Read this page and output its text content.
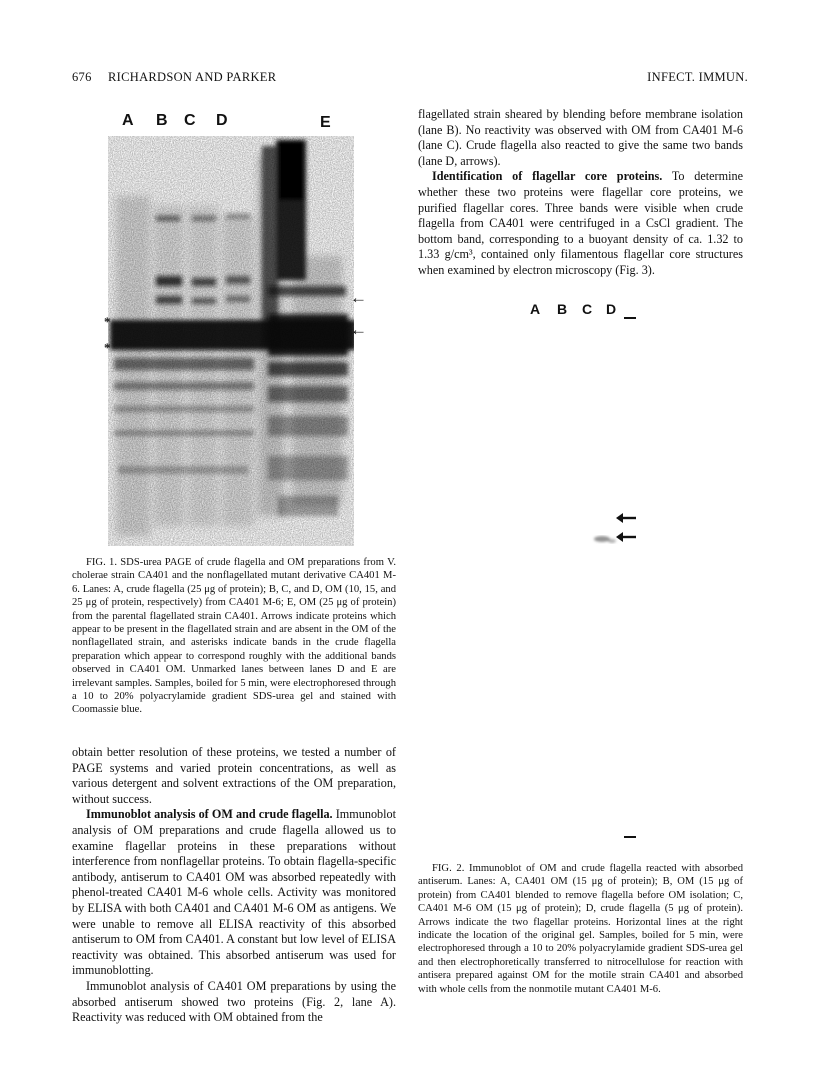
676 RICHARDSON AND PARKER	INFECT. IMMUN.
A B C D	E
*
*
←
←
FIG. 1. SDS-urea PAGE of crude flagella and OM preparations from V. cholerae strain CA401 and the nonflagellated mutant derivative CA401 M-6. Lanes: A, crude flagella (25 μg of protein); B, C, and D, OM (10, 15, and 25 μg of protein, respectively) from CA401 M-6; E, OM (25 μg of protein) from the parental flagellated strain CA401. Arrows indicate proteins which appear to be present in the flagellated strain and are absent in the OM of the nonflagellated strain, and asterisks indicate bands in the crude flagella preparation which appear to correspond roughly with the additional bands observed in CA401 OM. Unmarked lanes between lanes D and E are irrelevant samples. Samples, boiled for 5 min, were electrophoresed through a 10 to 20% polyacrylamide gradient SDS-urea gel and stained with Coomassie blue.

obtain better resolution of these proteins, we tested a number of PAGE systems and varied protein concentrations, as well as various detergent and solvent extractions of the OM preparation, without success.

Immunoblot analysis of OM and crude flagella. Immunoblot analysis of OM preparations and crude flagella allowed us to examine flagellar proteins in these preparations without interference from nonflagellar proteins. To obtain flagella-specific antibody, antiserum to CA401 OM was absorbed repeatedly with phenol-treated CA401 M-6 whole cells. Activity was monitored by ELISA with both CA401 and CA401 M-6 OM as antigens. We were unable to remove all ELISA reactivity of this absorbed antiserum to OM from CA401. A constant but low level of ELISA reactivity was obtained. This absorbed antiserum was used for immunoblotting.

Immunoblot analysis of CA401 OM preparations by using the absorbed antiserum showed two proteins (Fig. 2, lane A). Reactivity was reduced with OM obtained from the

flagellated strain sheared by blending before membrane isolation (lane B). No reactivity was observed with OM from CA401 M-6 (lane C). Crude flagella also reacted to give the same two bands (lane D, arrows).

Identification of flagellar core proteins. To determine whether these two proteins were flagellar core proteins, we purified flagellar cores. Three bands were visible when crude flagella from CA401 were centrifuged in a CsCl gradient. The bottom band, corresponding to a buoyant density of ca. 1.32 to 1.33 g/cm³, contained only filamentous flagellar core structures when examined by electron microscopy (Fig. 3).

A B C D
FIG. 2. Immunoblot of OM and crude flagella reacted with absorbed antiserum. Lanes: A, CA401 OM (15 μg of protein); B, OM (15 μg of protein) from CA401 blended to remove flagella before OM isolation; C, CA401 M-6 OM (15 μg of protein); D, crude flagella (5 μg of protein). Arrows indicate the two flagellar proteins. Horizontal lines at the right indicate the location of the original gel. Samples, boiled for 5 min, were electrophoresed through a 10 to 20% polyacrylamide gradient SDS-urea gel and then electrophoretically transferred to nitrocellulose for reaction with antisera prepared against OM for the motile strain CA401 and absorbed with whole cells from the nonmotile mutant CA401 M-6.
